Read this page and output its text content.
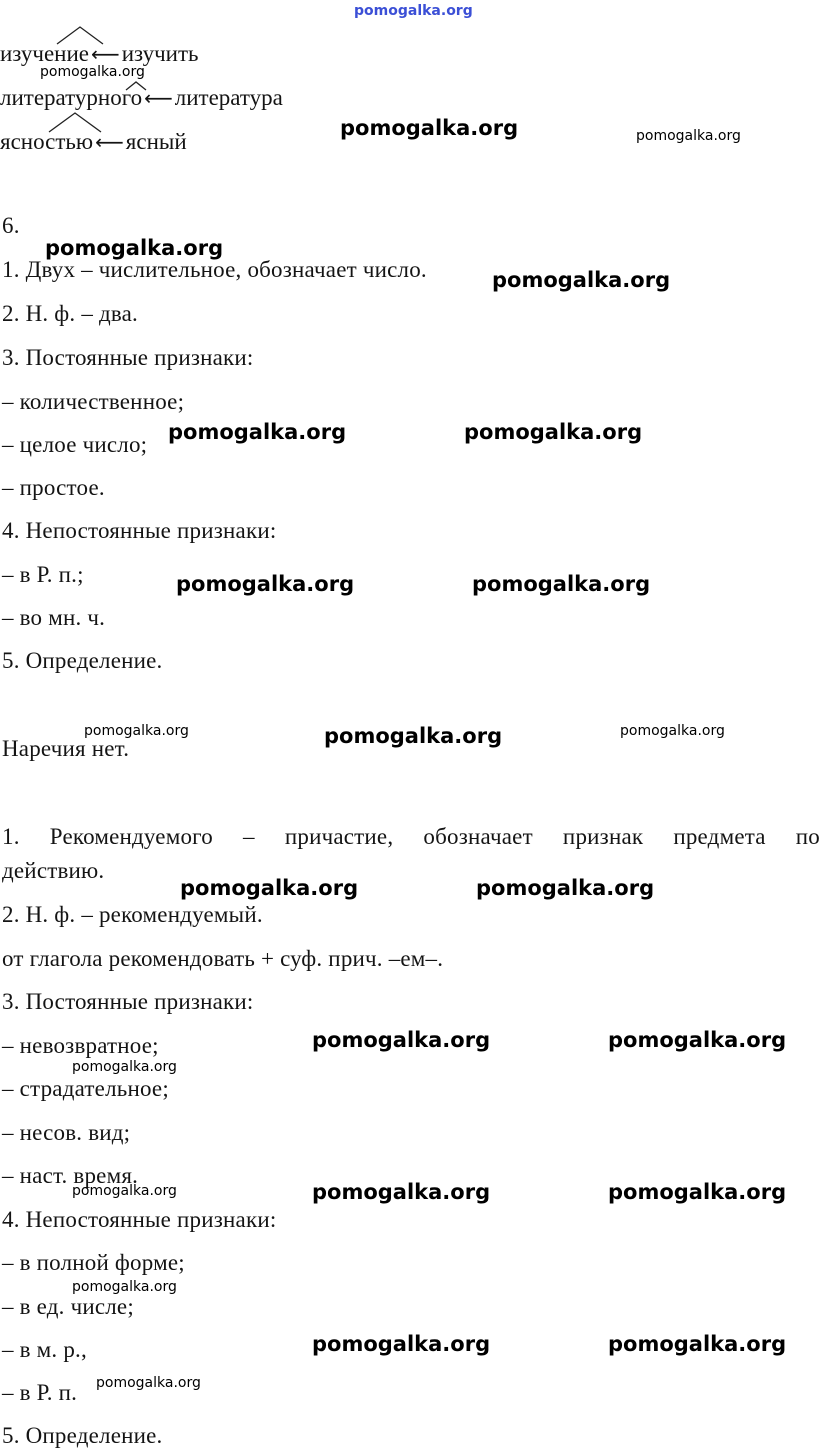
pomogalka.org
изучение ⟵изучить
литературного ⟵литература
ясностью ⟵ясный
6.
1. Двух – числительное, обозначает число.
2. Н. ф. – два.
3. Постоянные признаки:
– количественное;
– целое число;
– простое.
4. Непостоянные признаки:
– в Р. п.;
– во мн. ч.
5. Определение.
Наречия нет.
1. Рекомендуемого – причастие, обозначает признак предмета по
действию.
2. Н. ф. – рекомендуемый.
от глагола рекомендовать + суф. прич. –ем–.
3. Постоянные признаки:
– невозвратное;
– страдательное;
– несов. вид;
– наст. время.
4. Непостоянные признаки:
– в полной форме;
– в ед. числе;
– в м. р.,
– в Р. п.
5. Определение.
pomogalka.org
pomogalka.org	pomogalka.org
pomogalka.org
pomogalka.org
pomogalka.org	pomogalka.org
pomogalka.org	pomogalka.org
pomogalka.org	pomogalka.org	pomogalka.org
pomogalka.org	pomogalka.org
pomogalka.org	pomogalka.org
pomogalka.org
pomogalka.org	pomogalka.org	pomogalka.org
pomogalka.org
pomogalka.org	pomogalka.org
pomogalka.org
